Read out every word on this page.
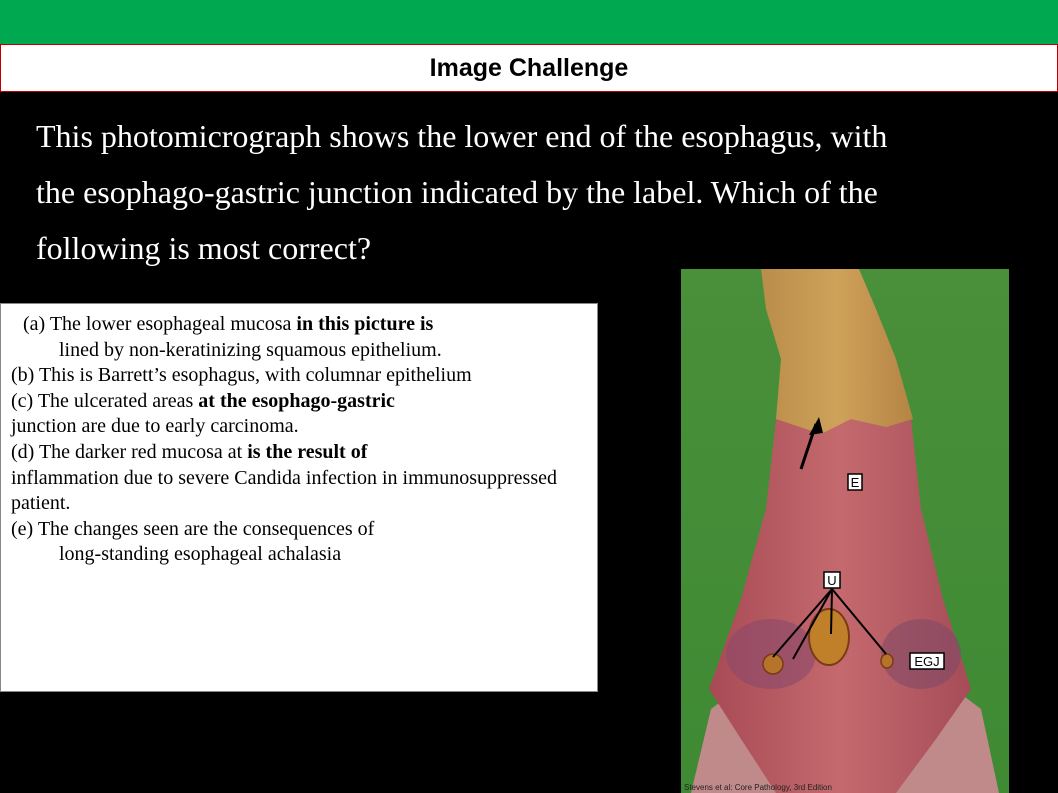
Image Challenge
This photomicrograph shows the lower end of the esophagus, with the esophago-gastric junction indicated by the label. Which of the following is most correct?
(a) The lower esophageal mucosa in this picture is
lined by non-keratinizing squamous epithelium.
(b) This is Barrett’s esophagus, with columnar epithelium
(c) The ulcerated areas at the esophago-gastric
junction are due to early carcinoma.
(d) The darker red mucosa at is the result of
inflammation due to severe Candida infection in immunosuppressed patient.
(e) The changes seen are the consequences of
long-standing esophageal achalasia
E
U
EGJ
Stevens et al: Core Pathology, 3rd Edition
